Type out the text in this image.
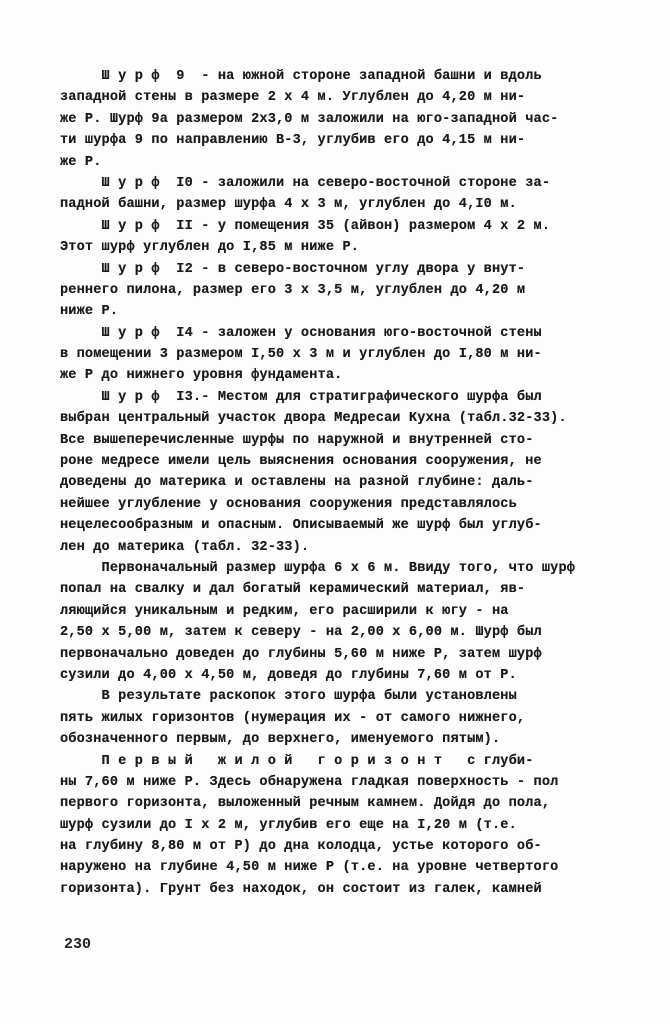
Ш у р ф  9  - на южной стороне западной башни и вдоль
западной стены в размере 2 х 4 м. Углублен до 4,20 м ни-
же Р. Шурф 9а размером 2х3,0 м заложили на юго-западной час-
ти шурфа 9 по направлению В-3, углубив его до 4,15 м ни-
же Р.
Ш у р ф  I0 - заложили на северо-восточной стороне за-
падной башни, размер шурфа 4 х 3 м, углублен до 4,I0 м.
Ш у р ф  II - у помещения 35 (айвон) размером 4 х 2 м.
Этот шурф углублен до I,85 м ниже Р.
Ш у р ф  I2 - в северо-восточном углу двора у внут-
реннего пилона, размер его 3 х 3,5 м, углублен до 4,20 м
ниже Р.
Ш у р ф  I4 - заложен у основания юго-восточной стены
в помещении 3 размером I,50 х 3 м и углублен до I,80 м ни-
же Р до нижнего уровня фундамента.
Ш у р ф  I3.- Местом для стратиграфического шурфа был
выбран центральный участок двора Медресаи Кухна (табл.32-33).
Все вышеперечисленные шурфы по наружной и внутренней сто-
роне медресе имели цель выяснения основания сооружения, не
доведены до материка и оставлены на разной глубине: даль-
нейшее углубление у основания сооружения представлялось
нецелесообразным и опасным. Описываемый же шурф был углуб-
лен до материка (табл. 32-33).
Первоначальный размер шурфа 6 х 6 м. Ввиду того, что шурф
попал на свалку и дал богатый керамический материал, яв-
ляющийся уникальным и редким, его расширили к югу - на
2,50 х 5,00 м, затем к северу - на 2,00 х 6,00 м. Шурф был
первоначально доведен до глубины 5,60 м ниже Р, затем шурф
сузили до 4,00 х 4,50 м, доведя до глубины 7,60 м от Р.
В результате раскопок этого шурфа были установлены
пять жилых горизонтов (нумерация их - от самого нижнего,
обозначенного первым, до верхнего, именуемого пятым).
П е р в ы й   ж и л о й   г о р и з о н т   с глуби-
ны 7,60 м ниже Р. Здесь обнаружена гладкая поверхность - пол
первого горизонта, выложенный речным камнем. Дойдя до пола,
шурф сузили до I х 2 м, углубив его еще на I,20 м (т.е.
на глубину 8,80 м от Р) до дна колодца, устье которого об-
наружено на глубине 4,50 м ниже Р (т.е. на уровне четвертого
горизонта). Грунт без находок, он состоит из галек, камней
230
